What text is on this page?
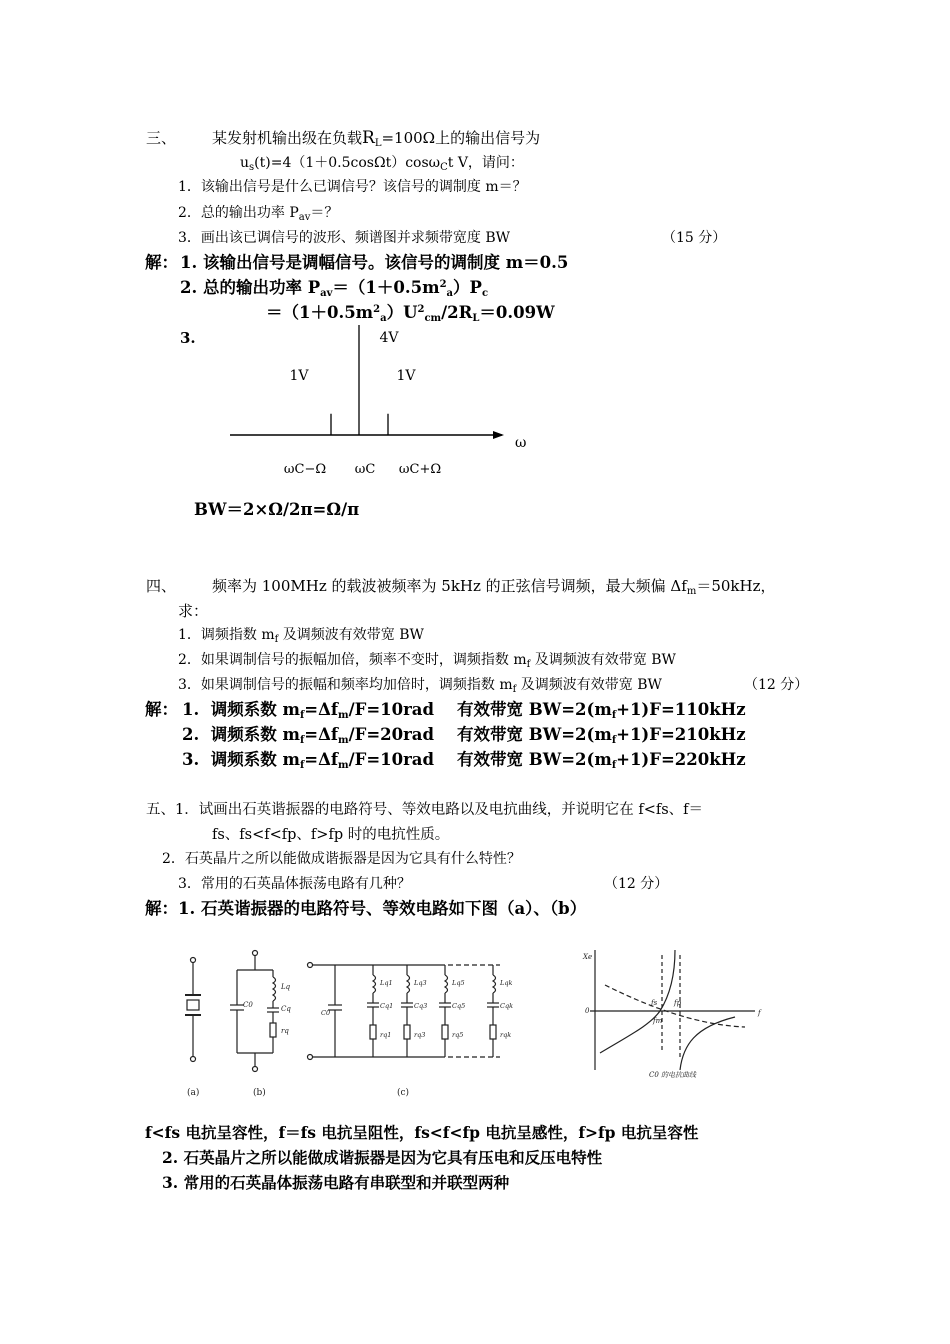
三、 某发射机输出级在负载$R_L=100\Omega$上的输出信号为
$u_s(t)=4(1+0.5\cos\Omega t)\cos\omega_Ct$ V，请问：
1．该输出信号是什么已调信号？该信号的调制度 m＝？
2．总的输出功率 $P_{av}=$？
3．画出该已调信号的波形、频谱图并求频带宽度 BW	（15 分）
解： 1. 该输出信号是调幅信号。该信号的调制度 m＝0.5
2. 总的输出功率 $P_{av}=(1+0.5m^2_a)P_c$
$=(1+0.5m^2_a)U^2_{cm}/2R_L=0.09W$
3.
ω
1V
ωC−Ω
4V
ωC
1V
ωC+Ω
BW＝2×Ω/2π=Ω/π
四、 频率为 100MHz 的载波被频率为 5kHz 的正弦信号调频，最大频偏 $\Delta f_m=50kHz$，
求：
1．调频指数 $m_f$ 及调频波有效带宽 BW
2．如果调制信号的振幅加倍，频率不变时，调频指数 $m_f$ 及调频波有效带宽 BW
3．如果调制信号的振幅和频率均加倍时，调频指数 $m_f$ 及调频波有效带宽 BW	（12 分）
解： 1. 调频系数 $m_f=\Delta f_m/F=10rad$ 有效带宽 $BW=2(m_f+1)F=110kHz$
2. 调频系数 $m_f=\Delta f_m/F=20rad$ 有效带宽 $BW=2(m_f+1)F=210kHz$
3. 调频系数 $m_f=\Delta f_m/F=10rad$ 有效带宽 $BW=2(m_f+1)F=220kHz$
五、1．试画出石英谐振器的电路符号、等效电路以及电抗曲线，并说明它在 f<fs、f＝
fs、fs<f<fp、f>fp 时的电抗性质。
2．石英晶片之所以能做成谐振器是因为它具有什么特性？
3．常用的石英晶体振荡电路有几种？	（12 分）
解：1. 石英谐振器的电路符号、等效电路如下图（a）、（b）
(a)
Lq
Cq
rq
C0
(b)
C0
Lq1
Cq1
rq1
Lq3
Cq3
rq3
Lq5
Cq5
rq5
Lqk
Cqk
rqk
(c)
Xe
0
fs fp
fm
f
C0 的电抗曲线
f<fs 电抗呈容性，f＝fs 电抗呈阻性，fs<f<fp 电抗呈感性，f>fp 电抗呈容性
2. 石英晶片之所以能做成谐振器是因为它具有压电和反压电特性
3. 常用的石英晶体振荡电路有串联型和并联型两种
